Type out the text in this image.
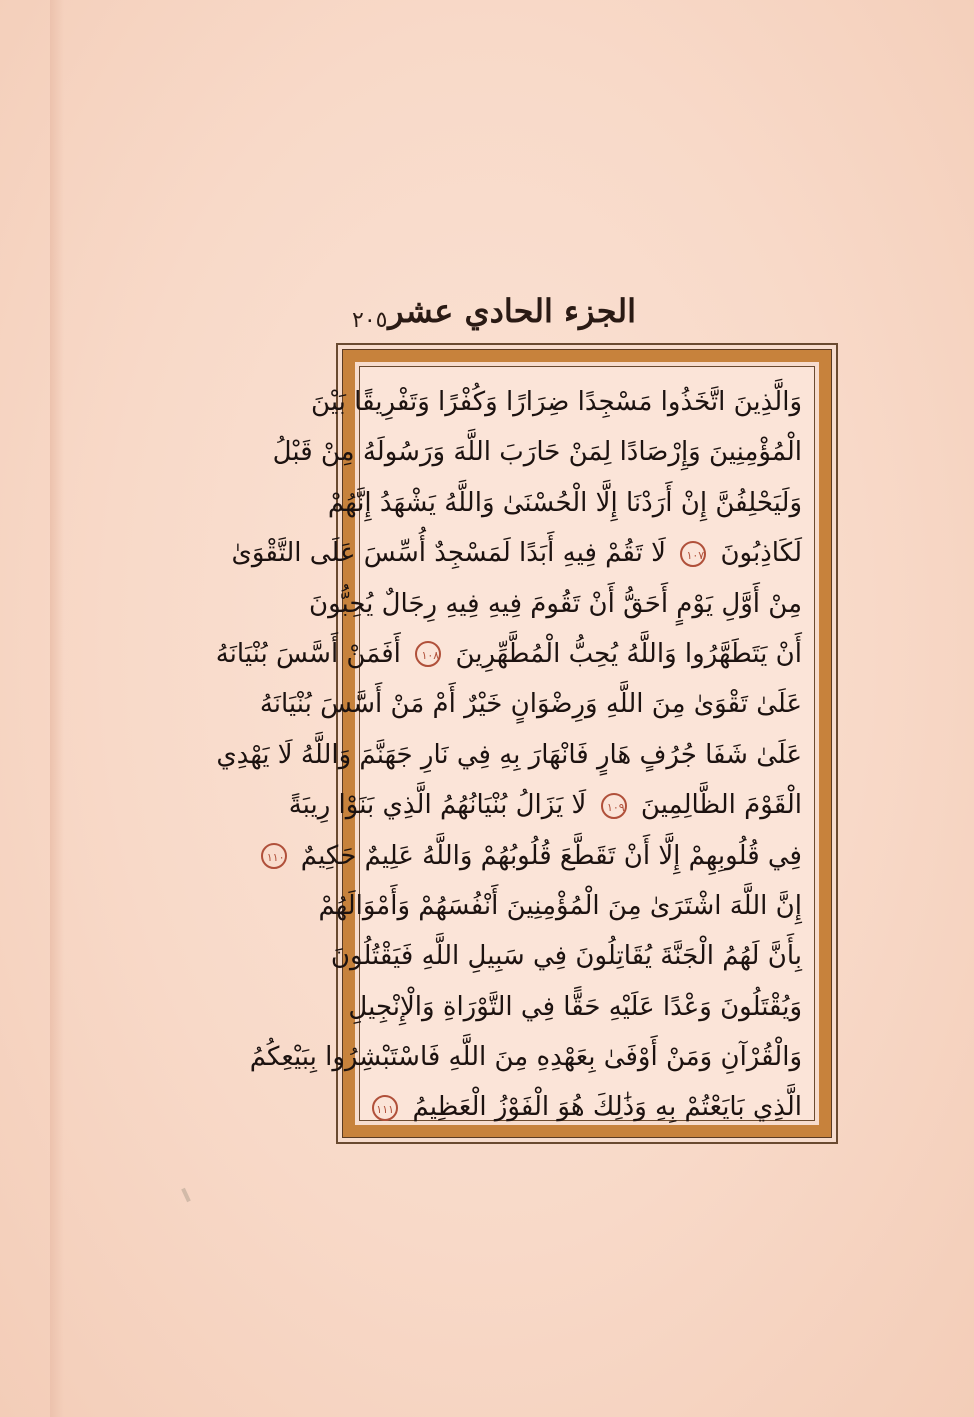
الجزء الحادي عشر
٢٠٥
وَالَّذِينَ اتَّخَذُوا مَسْجِدًا ضِرَارًا وَكُفْرًا وَتَفْرِيقًا بَيْنَ
الْمُؤْمِنِينَ وَإِرْصَادًا لِمَنْ حَارَبَ اللَّهَ وَرَسُولَهُ مِنْ قَبْلُ
وَلَيَحْلِفُنَّ إِنْ أَرَدْنَا إِلَّا الْحُسْنَىٰ وَاللَّهُ يَشْهَدُ إِنَّهُمْ
لَكَاذِبُونَ ١٠٧ لَا تَقُمْ فِيهِ أَبَدًا لَمَسْجِدٌ أُسِّسَ عَلَى التَّقْوَىٰ
مِنْ أَوَّلِ يَوْمٍ أَحَقُّ أَنْ تَقُومَ فِيهِ فِيهِ رِجَالٌ يُحِبُّونَ
أَنْ يَتَطَهَّرُوا وَاللَّهُ يُحِبُّ الْمُطَّهِّرِينَ ١٠٨ أَفَمَنْ أَسَّسَ بُنْيَانَهُ
عَلَىٰ تَقْوَىٰ مِنَ اللَّهِ وَرِضْوَانٍ خَيْرٌ أَمْ مَنْ أَسَّسَ بُنْيَانَهُ
عَلَىٰ شَفَا جُرُفٍ هَارٍ فَانْهَارَ بِهِ فِي نَارِ جَهَنَّمَ وَاللَّهُ لَا يَهْدِي
الْقَوْمَ الظَّالِمِينَ ١٠٩ لَا يَزَالُ بُنْيَانُهُمُ الَّذِي بَنَوْا رِيبَةً
فِي قُلُوبِهِمْ إِلَّا أَنْ تَقَطَّعَ قُلُوبُهُمْ وَاللَّهُ عَلِيمٌ حَكِيمٌ ١١٠
إِنَّ اللَّهَ اشْتَرَىٰ مِنَ الْمُؤْمِنِينَ أَنْفُسَهُمْ وَأَمْوَالَهُمْ
بِأَنَّ لَهُمُ الْجَنَّةَ يُقَاتِلُونَ فِي سَبِيلِ اللَّهِ فَيَقْتُلُونَ
وَيُقْتَلُونَ وَعْدًا عَلَيْهِ حَقًّا فِي التَّوْرَاةِ وَالْإِنْجِيلِ
وَالْقُرْآنِ وَمَنْ أَوْفَىٰ بِعَهْدِهِ مِنَ اللَّهِ فَاسْتَبْشِرُوا بِبَيْعِكُمُ
الَّذِي بَايَعْتُمْ بِهِ وَذَٰلِكَ هُوَ الْفَوْزُ الْعَظِيمُ ١١١
